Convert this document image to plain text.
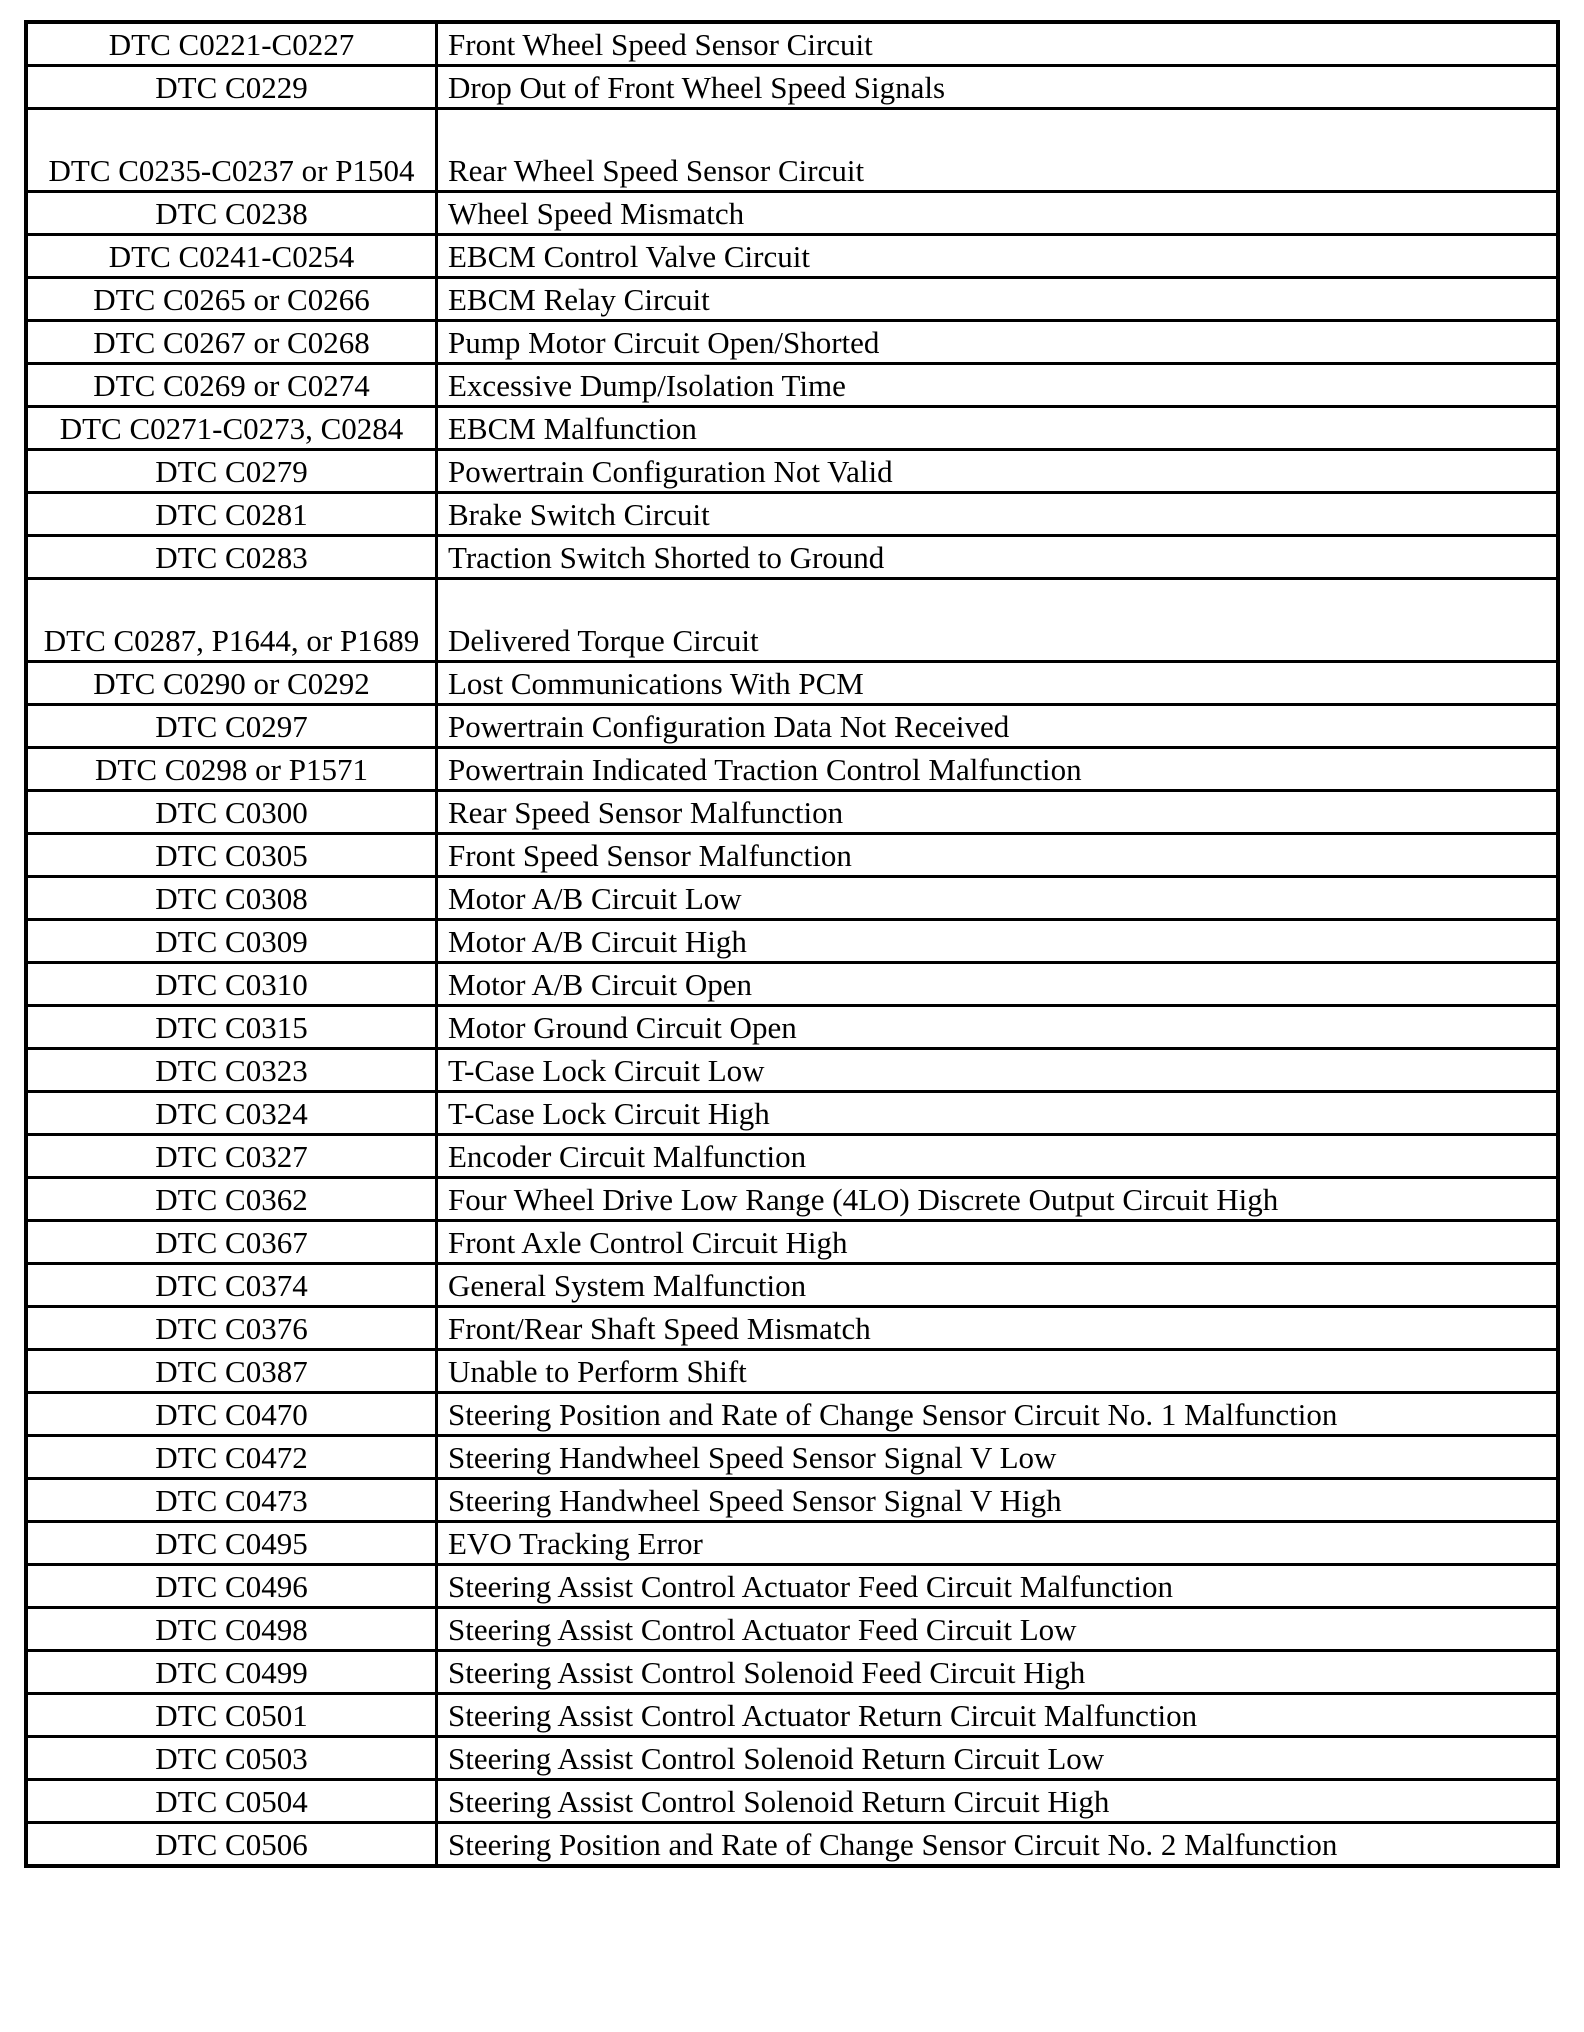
DTC C0221-C0227	Front Wheel Speed Sensor Circuit
DTC C0229	Drop Out of Front Wheel Speed Signals
DTC C0235-C0237 or P1504	Rear Wheel Speed Sensor Circuit
DTC C0238	Wheel Speed Mismatch
DTC C0241-C0254	EBCM Control Valve Circuit
DTC C0265 or C0266	EBCM Relay Circuit
DTC C0267 or C0268	Pump Motor Circuit Open/Shorted
DTC C0269 or C0274	Excessive Dump/Isolation Time
DTC C0271-C0273, C0284	EBCM Malfunction
DTC C0279	Powertrain Configuration Not Valid
DTC C0281	Brake Switch Circuit
DTC C0283	Traction Switch Shorted to Ground
DTC C0287, P1644, or P1689	Delivered Torque Circuit
DTC C0290 or C0292	Lost Communications With PCM
DTC C0297	Powertrain Configuration Data Not Received
DTC C0298 or P1571	Powertrain Indicated Traction Control Malfunction
DTC C0300	Rear Speed Sensor Malfunction
DTC C0305	Front Speed Sensor Malfunction
DTC C0308	Motor A/B Circuit Low
DTC C0309	Motor A/B Circuit High
DTC C0310	Motor A/B Circuit Open
DTC C0315	Motor Ground Circuit Open
DTC C0323	T-Case Lock Circuit Low
DTC C0324	T-Case Lock Circuit High
DTC C0327	Encoder Circuit Malfunction
DTC C0362	Four Wheel Drive Low Range (4LO) Discrete Output Circuit High
DTC C0367	Front Axle Control Circuit High
DTC C0374	General System Malfunction
DTC C0376	Front/Rear Shaft Speed Mismatch
DTC C0387	Unable to Perform Shift
DTC C0470	Steering Position and Rate of Change Sensor Circuit No. 1 Malfunction
DTC C0472	Steering Handwheel Speed Sensor Signal V Low
DTC C0473	Steering Handwheel Speed Sensor Signal V High
DTC C0495	EVO Tracking Error
DTC C0496	Steering Assist Control Actuator Feed Circuit Malfunction
DTC C0498	Steering Assist Control Actuator Feed Circuit Low
DTC C0499	Steering Assist Control Solenoid Feed Circuit High
DTC C0501	Steering Assist Control Actuator Return Circuit Malfunction
DTC C0503	Steering Assist Control Solenoid Return Circuit Low
DTC C0504	Steering Assist Control Solenoid Return Circuit High
DTC C0506	Steering Position and Rate of Change Sensor Circuit No. 2 Malfunction
